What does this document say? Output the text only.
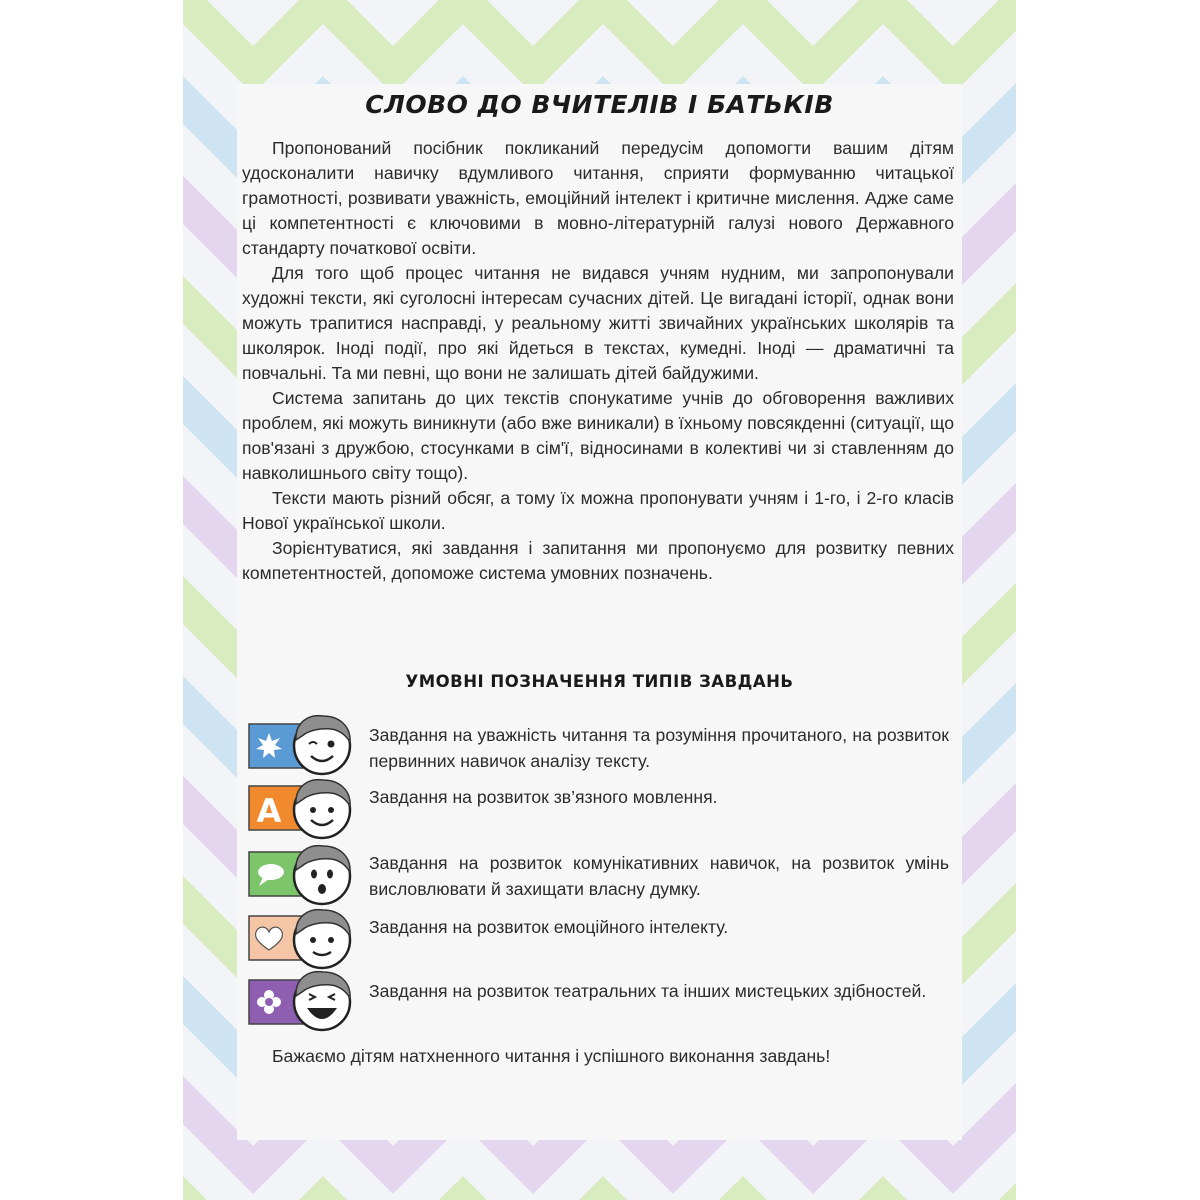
СЛОВО ДО ВЧИТЕЛІВ І БАТЬКІВ

Пропонований посібник покликаний передусім допомогти вашим дітям удосконалити навичку вдумливого читання, сприяти формуванню читацької грамотності, розвивати уважність, емоційний інтелект і критичне мислення. Адже саме ці компетентності є ключовими в мовно-літературній галузі нового Державного стандарту початкової освіти.

Для того щоб процес читання не видався учням нудним, ми запропонували художні тексти, які суголосні інтересам сучасних дітей. Це вигадані історії, однак вони можуть трапитися насправді, у реальному житті звичайних українських школярів та школярок. Іноді події, про які йдеться в текстах, кумедні. Іноді — драматичні та повчальні. Та ми певні, що вони не залишать дітей байдужими.

Система запитань до цих текстів спонукатиме учнів до обговорення важливих проблем, які можуть виникнути (або вже виникали) в їхньому повсякденні (ситуації, що пов'язані з дружбою, стосунками в сім'ї, відносинами в колективі чи зі ставленням до навколишнього світу тощо).

Тексти мають різний обсяг, а тому їх можна пропонувати учням і 1-го, і 2-го класів Нової української школи.

Зорієнтуватися, які завдання і запитання ми пропонуємо для розвитку певних компетентностей, допоможе система умовних позначень.

УМОВНІ ПОЗНАЧЕННЯ ТИПІВ ЗАВДАНЬ
Завдання на уважність читання та розуміння прочитаного, на розвиток первинних навичок аналізу тексту.
A	Завдання на розвиток зв’язного мовлення.
Завдання на розвиток комунікативних навичок, на розвиток умінь висловлювати й захищати власну думку.
Завдання на розвиток емоційного інтелекту.
Завдання на розвиток театральних та інших мистецьких здібностей.
Бажаємо дітям натхненного читання і успішного виконання завдань!
